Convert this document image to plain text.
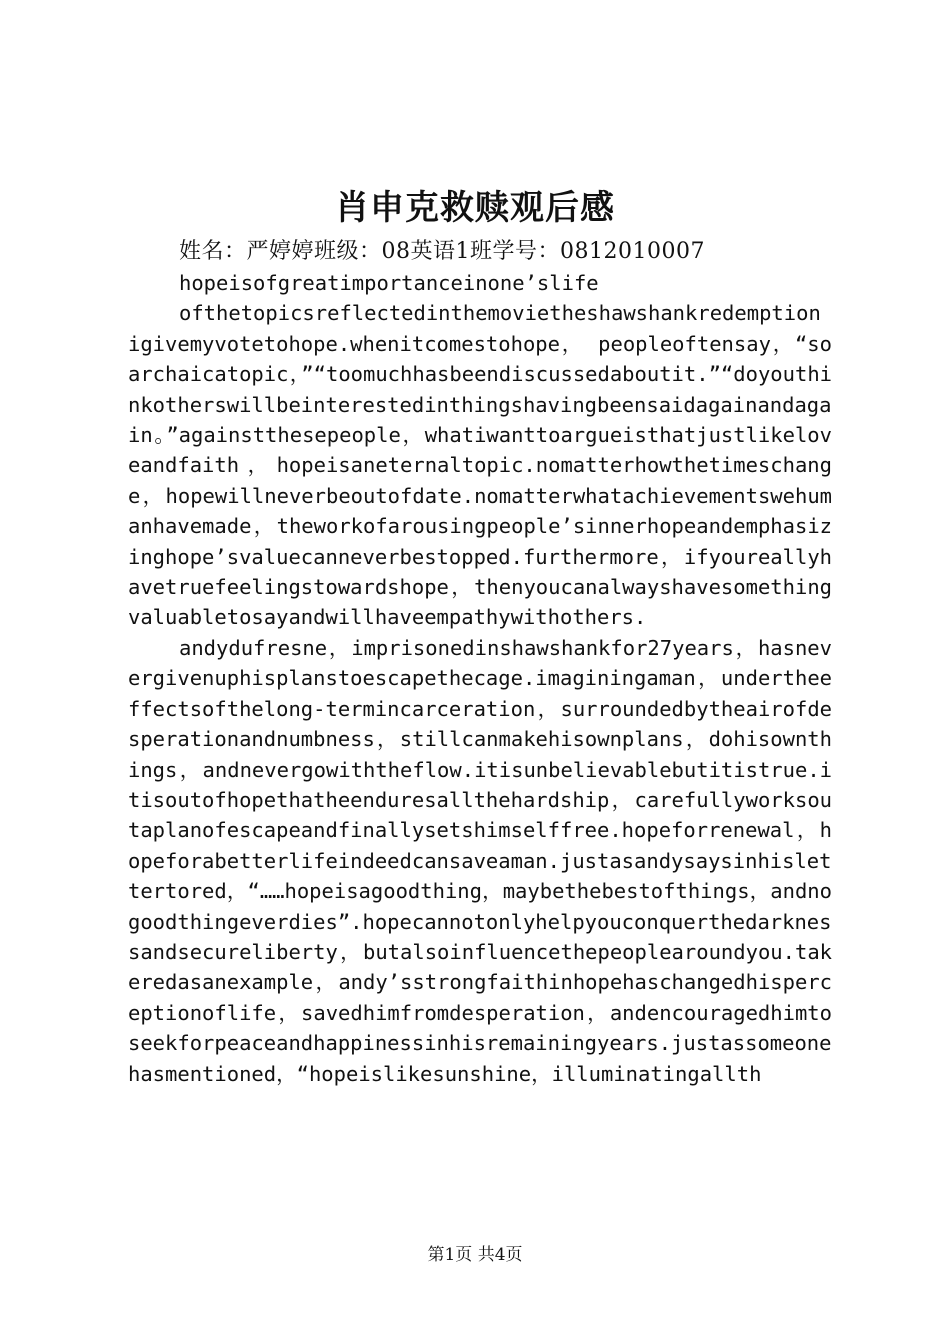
肖申克救赎观后感

姓名：严婷婷班级：08英语1班学号：0812010007

hopeisofgreatimportanceinone’slife

ofthetopicsreflectedinthemovietheshawshankredemptionigivemyvotetohope.whenitcomestohope， peopleoftensay，“soarchaicatopic，”“toomuchhasbeendiscussedaboutit.”“doyouthinkotherswillbeinterestedinthingshavingbeensaidagainandagain。”againstthesepeople，whatiwanttoargueisthatjustlikeloveandfaith，hopeisaneternaltopic.nomatterhowthetimeschange，hopewillneverbeoutofdate.nomatterwhatachievementswehumanhavemade，theworkofarousingpeople’sinnerhopeandemphasizinghope’svaluecanneverbestopped.furthermore，ifyoureallyhavetruefeelingstowardshope，thenyoucanalwayshavesomethingvaluabletosayandwillhaveempathywithothers.

andydufresne，imprisonedinshawshankfor27years，hasnevergivenuphisplanstoescapethecage.imaginingaman，undertheeffectsofthelong-termincarceration，surroundedbytheairofdesperationandnumbness，stillcanmakehisownplans，dohisownthings，andnevergowiththeflow.itisunbelievablebutitistrue.itisoutofhopethatheenduresallthehardship，carefullyworksoutaplanofescapeandfinallysetshimselffree.hopeforrenewal，hopeforabetterlifeindeedcansaveaman.justasandysaysinhislettertored，“……hopeisagoodthing，maybethebestofthings，andnogoodthingeverdies”.hopecannotonlyhelpyouconquerthedarknessandsecureliberty，butalsoinfluencethepeoplearoundyou.takeredasanexample，andy’sstrongfaithinhopehaschangedhisperceptionoflife，savedhimfromdesperation，andencouragedhimtoseekforpeaceandhappinessinhisremainingyears.justassomeonehasmentioned，“hopeislikesunshine，illuminatingallth

第1页 共4页
